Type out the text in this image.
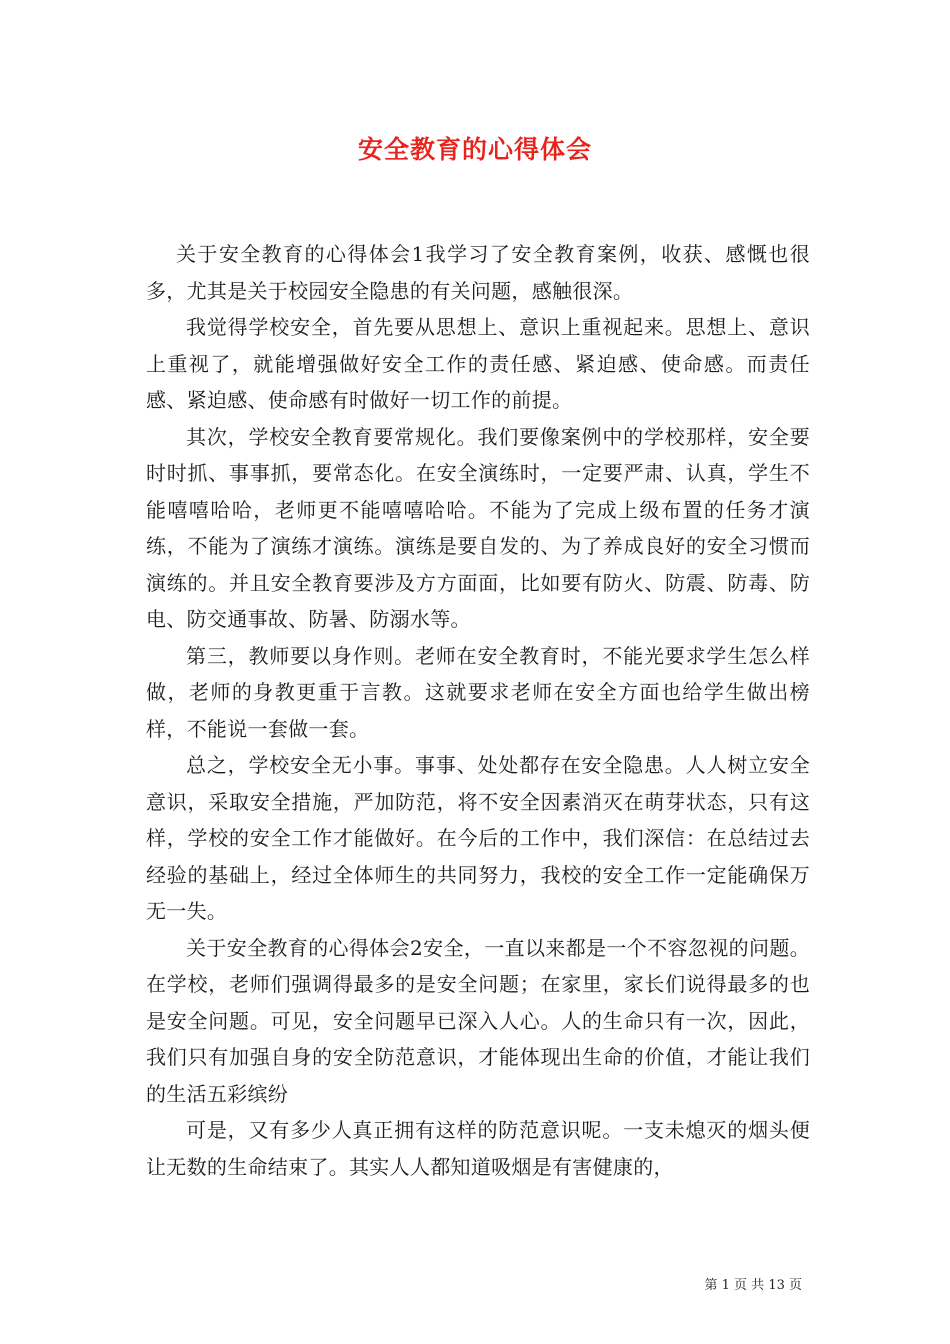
安全教育的心得体会

关于安全教育的心得体会1我学习了安全教育案例，收获、感慨也很多，尤其是关于校园安全隐患的有关问题，感触很深。

我觉得学校安全，首先要从思想上、意识上重视起来。思想上、意识上重视了，就能增强做好安全工作的责任感、紧迫感、使命感。而责任感、紧迫感、使命感有时做好一切工作的前提。

其次，学校安全教育要常规化。我们要像案例中的学校那样，安全要时时抓、事事抓，要常态化。在安全演练时，一定要严肃、认真，学生不能嘻嘻哈哈，老师更不能嘻嘻哈哈。不能为了完成上级布置的任务才演练，不能为了演练才演练。演练是要自发的、为了养成良好的安全习惯而演练的。并且安全教育要涉及方方面面，比如要有防火、防震、防毒、防电、防交通事故、防暑、防溺水等。

第三，教师要以身作则。老师在安全教育时，不能光要求学生怎么样做，老师的身教更重于言教。这就要求老师在安全方面也给学生做出榜样，不能说一套做一套。

总之，学校安全无小事。事事、处处都存在安全隐患。人人树立安全意识，采取安全措施，严加防范，将不安全因素消灭在萌芽状态，只有这样，学校的安全工作才能做好。在今后的工作中，我们深信：在总结过去经验的基础上，经过全体师生的共同努力，我校的安全工作一定能确保万无一失。

关于安全教育的心得体会2安全，一直以来都是一个不容忽视的问题。在学校，老师们强调得最多的是安全问题；在家里，家长们说得最多的也是安全问题。可见，安全问题早已深入人心。人的生命只有一次，因此，我们只有加强自身的安全防范意识，才能体现出生命的价值，才能让我们的生活五彩缤纷

可是，又有多少人真正拥有这样的防范意识呢。一支未熄灭的烟头便让无数的生命结束了。其实人人都知道吸烟是有害健康的，

第 1 页 共 13 页
